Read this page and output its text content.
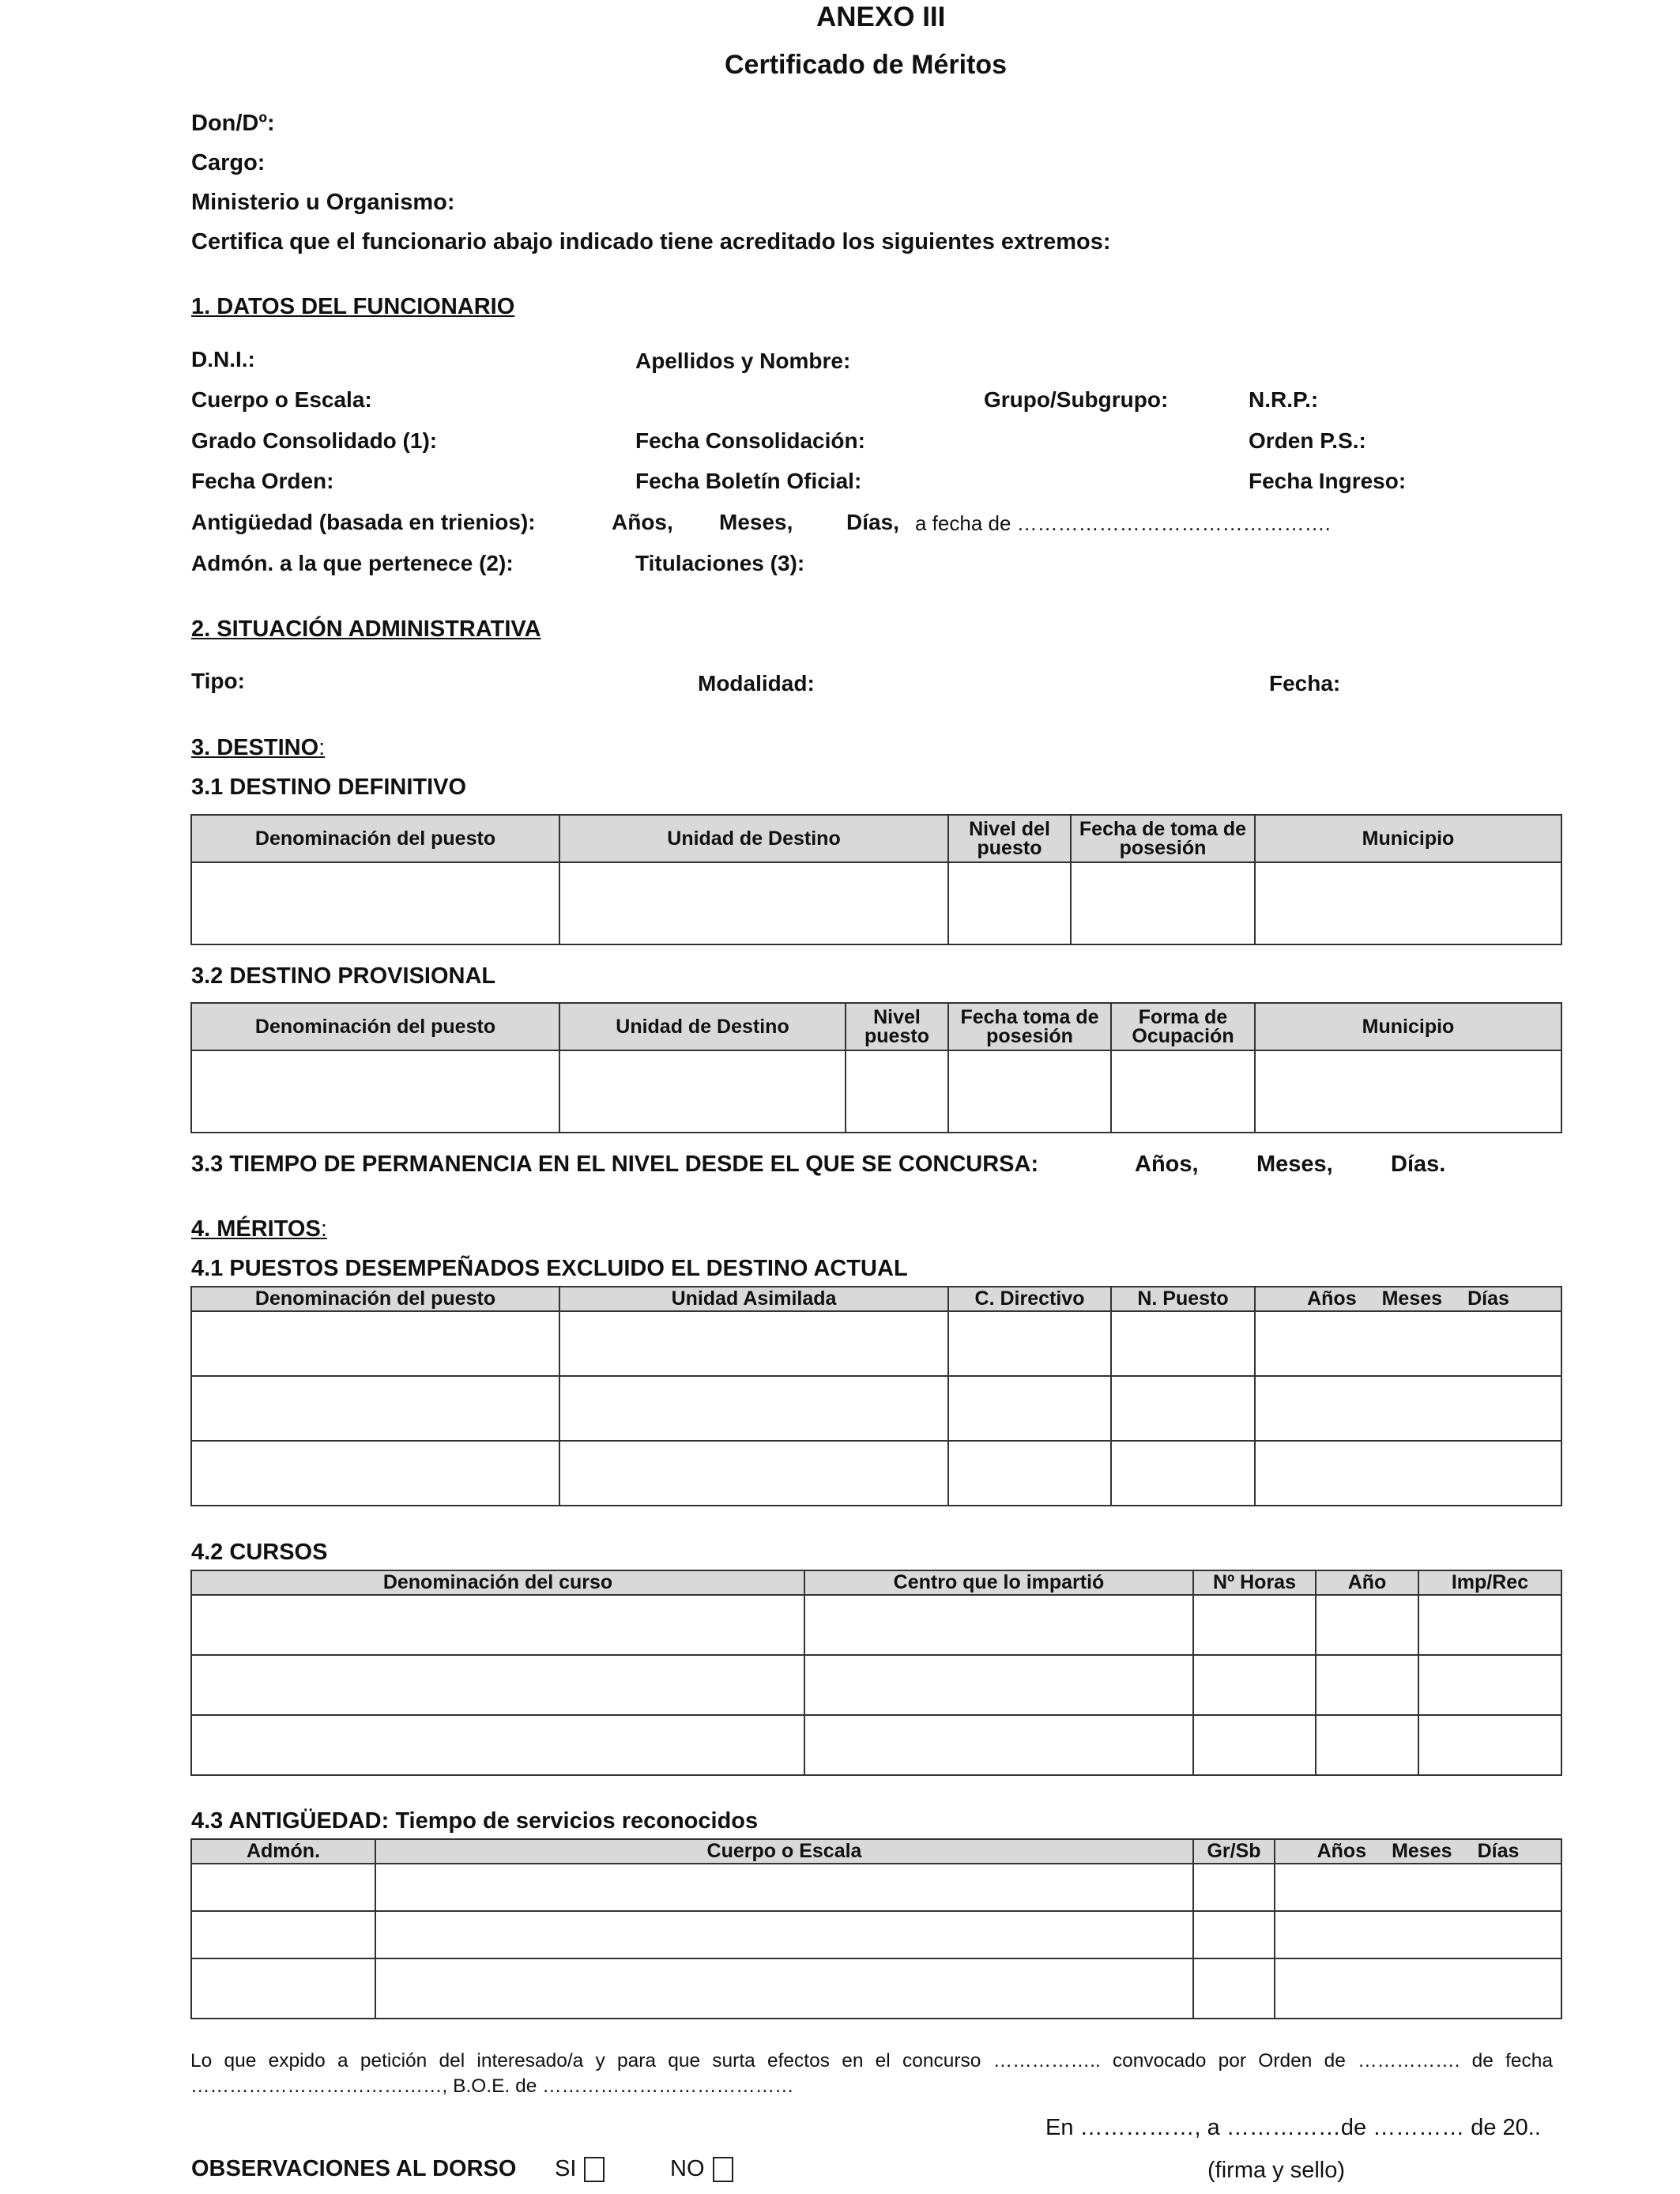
ANEXO III
Certificado de Méritos
Don/Dº:
Cargo:
Ministerio u Organismo:
Certifica que el funcionario abajo indicado tiene acreditado los siguientes extremos:
1. DATOS DEL FUNCIONARIO
D.N.I.:	Apellidos y Nombre:
Cuerpo o Escala:	Grupo/Subgrupo:	N.R.P.:
Grado Consolidado (1):	Fecha Consolidación:	Orden P.S.:
Fecha Orden:	Fecha Boletín Oficial:	Fecha Ingreso:
Antigüedad (basada en trienios):	Años, Meses, Días, a fecha de ……………………………………….
Admón. a la que pertenece (2):	Titulaciones (3):
2. SITUACIÓN ADMINISTRATIVA
Tipo:	Modalidad:	Fecha:
3. DESTINO:
3.1 DESTINO DEFINITIVO
Denominación del puesto	Unidad de Destino	Nivel del puesto	Fecha de toma de posesión	Municipio

3.2 DESTINO PROVISIONAL
Denominación del puesto	Unidad de Destino	Nivel puesto	Fecha toma de posesión	Forma de Ocupación	Municipio

3.3 TIEMPO DE PERMANENCIA EN EL NIVEL DESDE EL QUE SE CONCURSA:	Años,	Meses,	Días.
4. MÉRITOS:
4.1 PUESTOS DESEMPEÑADOS EXCLUIDO EL DESTINO ACTUAL
Denominación del puesto	Unidad Asimilada	C. Directivo	N. Puesto	Años Meses Días

4.2 CURSOS
Denominación del curso	Centro que lo impartió	Nº Horas	Año	Imp/Rec

4.3 ANTIGÜEDAD: Tiempo de servicios reconocidos
Admón.	Cuerpo o Escala	Gr/Sb	Años Meses Días

Lo que expido a petición del interesado/a y para que surta efectos en el concurso …………….. convocado por Orden de ……………. de fecha …………………………………, B.O.E. de …………………………………
En ……………, a ……………de ………… de 20..
OBSERVACIONES AL DORSO SI	NO	(firma y sello)
